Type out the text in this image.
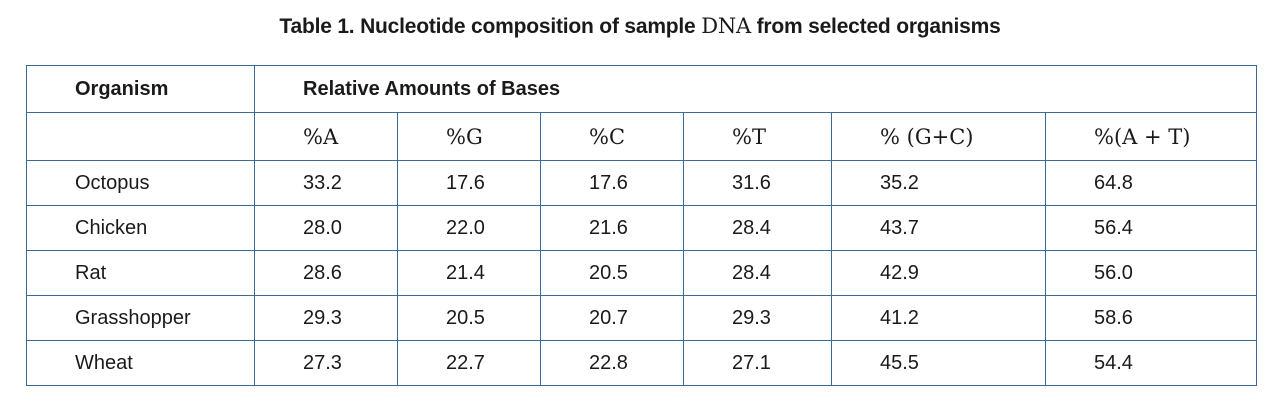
Table 1. Nucleotide composition of sample DNA from selected organisms
Organism	Relative Amounts of Bases					
	%A	%G	%C	%T	% (G+C)	%(A + T)
Octopus	33.2	17.6	17.6	31.6	35.2	64.8
Chicken	28.0	22.0	21.6	28.4	43.7	56.4
Rat	28.6	21.4	20.5	28.4	42.9	56.0
Grasshopper	29.3	20.5	20.7	29.3	41.2	58.6
Wheat	27.3	22.7	22.8	27.1	45.5	54.4
